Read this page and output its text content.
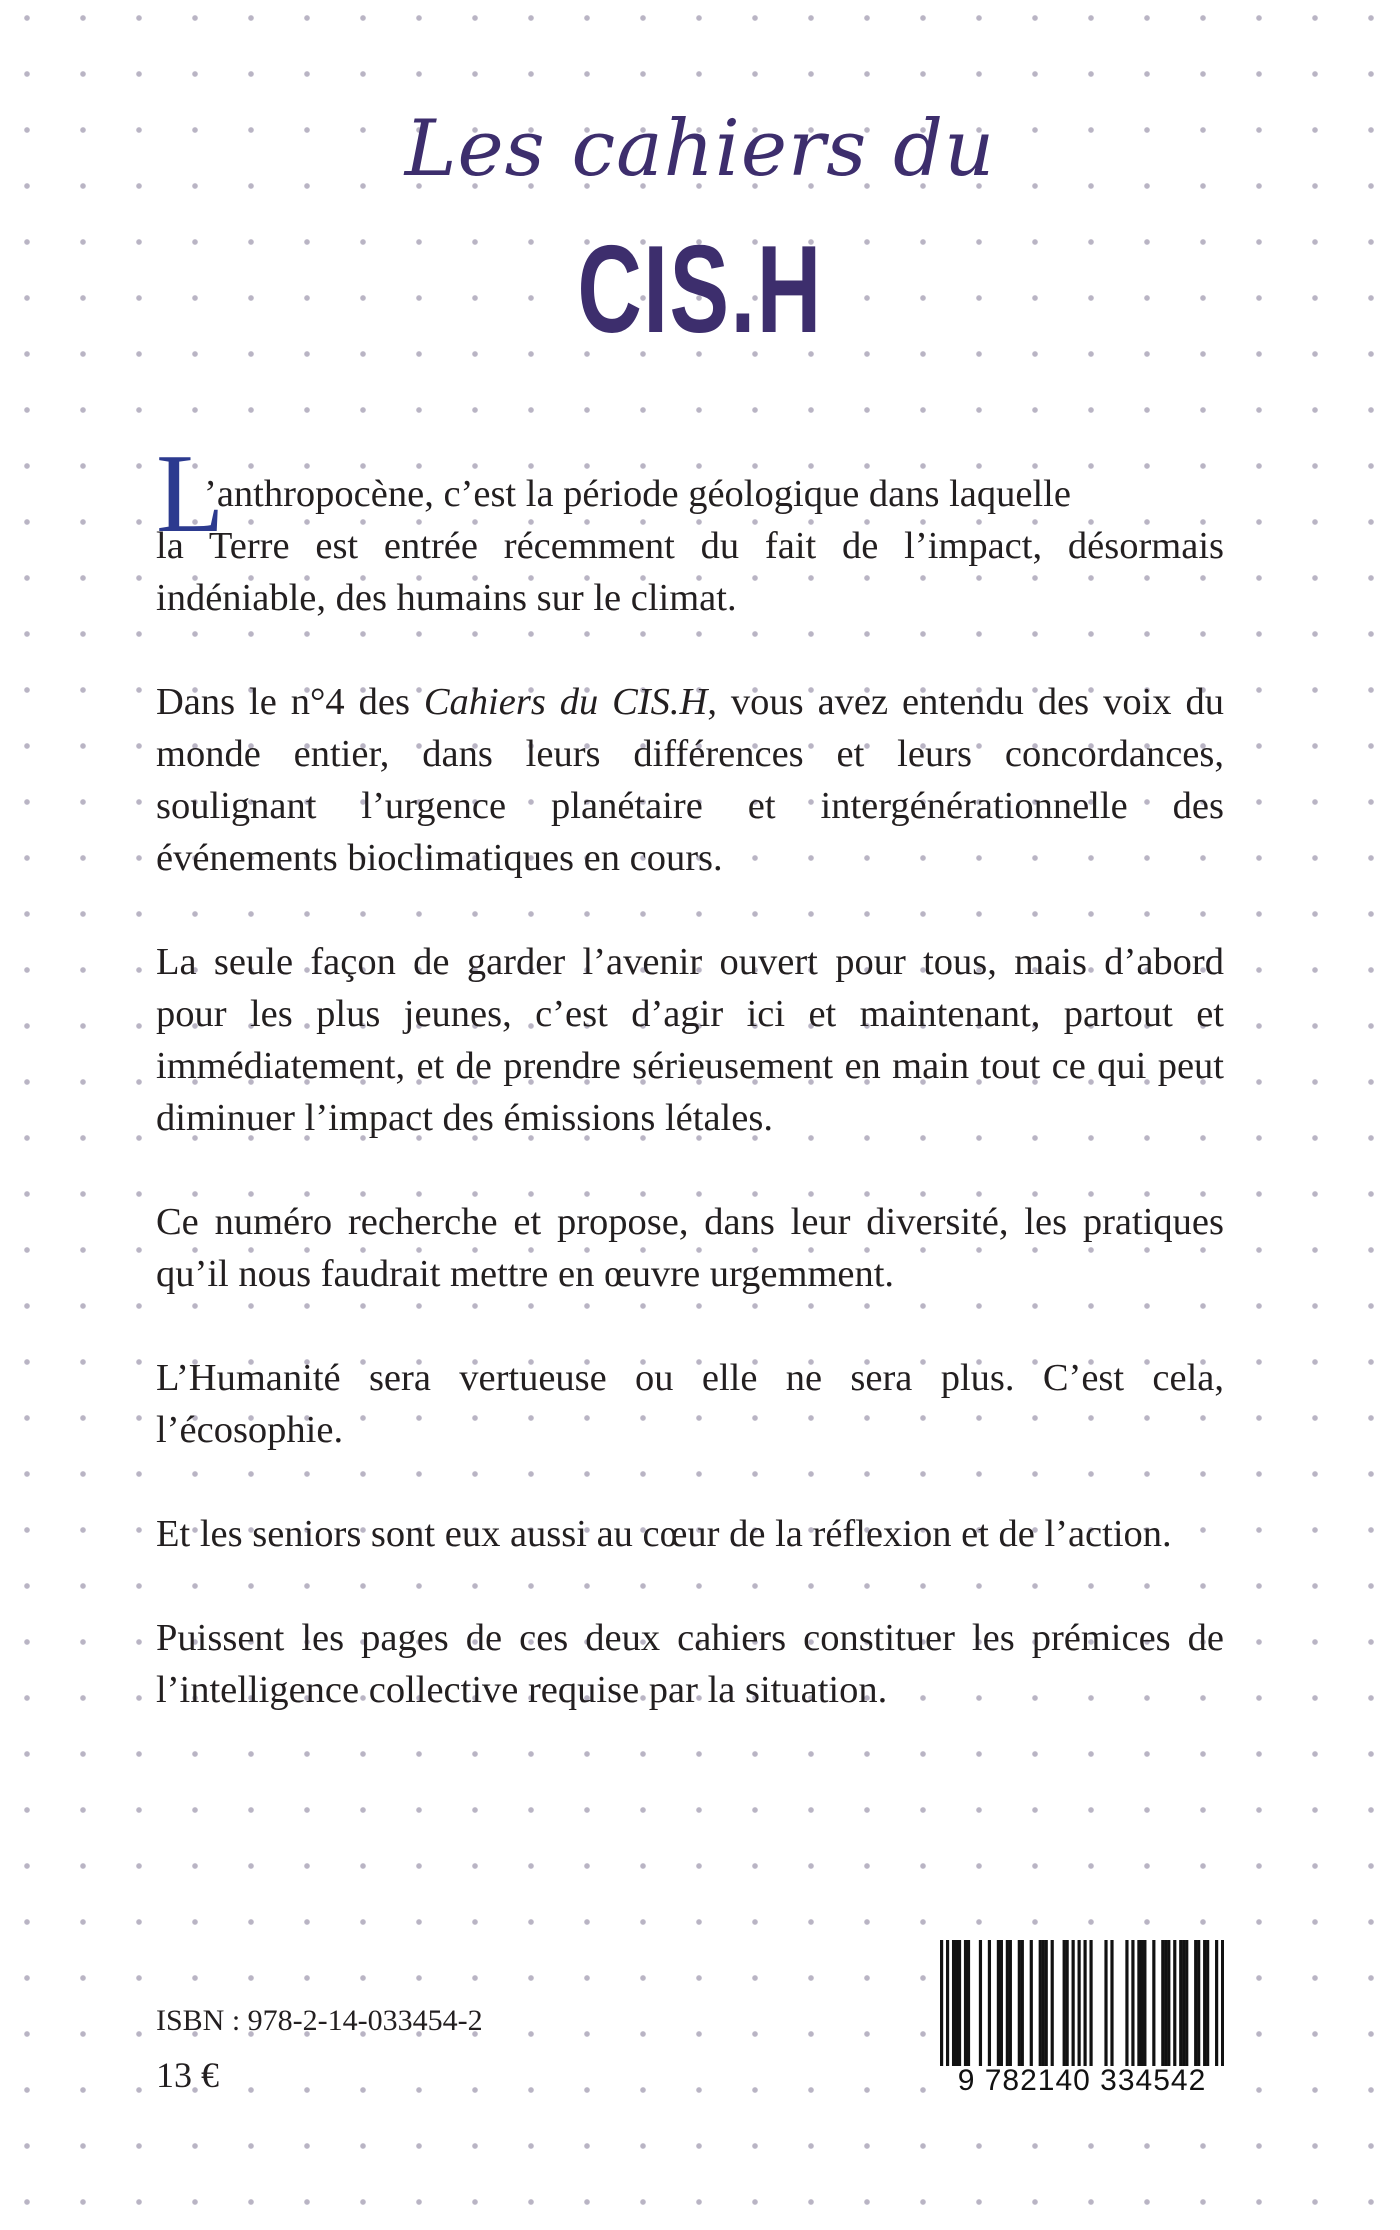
Les cahiers du
CIS.H

L
’anthropocène, c’est la période géologique dans laquelle
la Terre est entrée récemment du fait de l’impact, désormais indéniable, des humains sur le climat.

Dans le n°4 des Cahiers du CIS.H, vous avez entendu des voix du monde entier, dans leurs différences et leurs concordances, soulignant l’urgence planétaire et intergénérationnelle des événements bioclimatiques en cours.

La seule façon de garder l’avenir ouvert pour tous, mais d’abord pour les plus jeunes, c’est d’agir ici et maintenant, partout et immédiatement, et de prendre sérieusement en main tout ce qui peut diminuer l’impact des émissions létales.

Ce numéro recherche et propose, dans leur diversité, les pratiques qu’il nous faudrait mettre en œuvre urgemment.

L’Humanité sera vertueuse ou elle ne sera plus. C’est cela, l’écosophie.

Et les seniors sont eux aussi au cœur de la réflexion et de l’action.

Puissent les pages de ces deux cahiers constituer les prémices de l’intelligence collective requise par la situation.

ISBN : 978-2-14-033454-2
13 €	9 782140 334542
